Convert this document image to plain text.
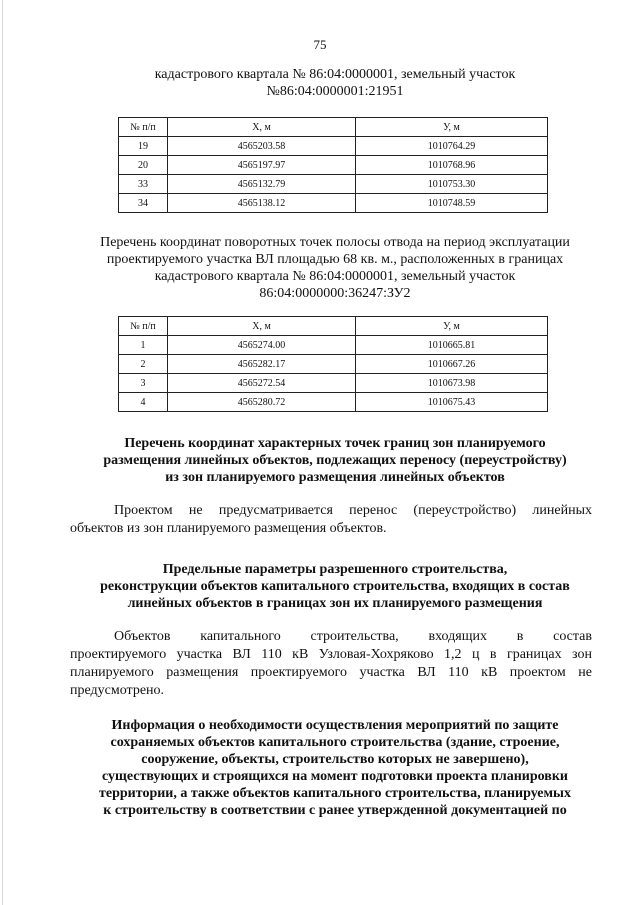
75
кадастрового квартала № 86:04:0000001, земельный участок
№86:04:0000001:21951
№ п/п	X, м	У, м
19	4565203.58	1010764.29
20	4565197.97	1010768.96
33	4565132.79	1010753.30
34	4565138.12	1010748.59
Перечень координат поворотных точек полосы отвода на период эксплуатации
проектируемого участка ВЛ площадью 68 кв. м., расположенных в границах
кадастрового квартала № 86:04:0000001, земельный участок
86:04:0000000:36247:ЗУ2
№ п/п	X, м	У, м
1	4565274.00	1010665.81
2	4565282.17	1010667.26
3	4565272.54	1010673.98
4	4565280.72	1010675.43
Перечень координат характерных точек границ зон планируемого
размещения линейных объектов, подлежащих переносу (переустройству)
из зон планируемого размещения линейных объектов
Проектом не предусматривается перенос (переустройство) линейных
объектов из зон планируемого размещения объектов.
Предельные параметры разрешенного строительства,
реконструкции объектов капитального строительства, входящих в состав
линейных объектов в границах зон их планируемого размещения
Объектов капитального строительства, входящих в состав
проектируемого участка ВЛ 110 кВ Узловая-Хохряково 1,2 ц в границах зон
планируемого размещения проектируемого участка ВЛ 110 кВ проектом не
предусмотрено.
Информация о необходимости осуществления мероприятий по защите
сохраняемых объектов капитального строительства (здание, строение,
сооружение, объекты, строительство которых не завершено),
существующих и строящихся на момент подготовки проекта планировки
территории, а также объектов капитального строительства, планируемых
к строительству в соответствии с ранее утвержденной документацией по
